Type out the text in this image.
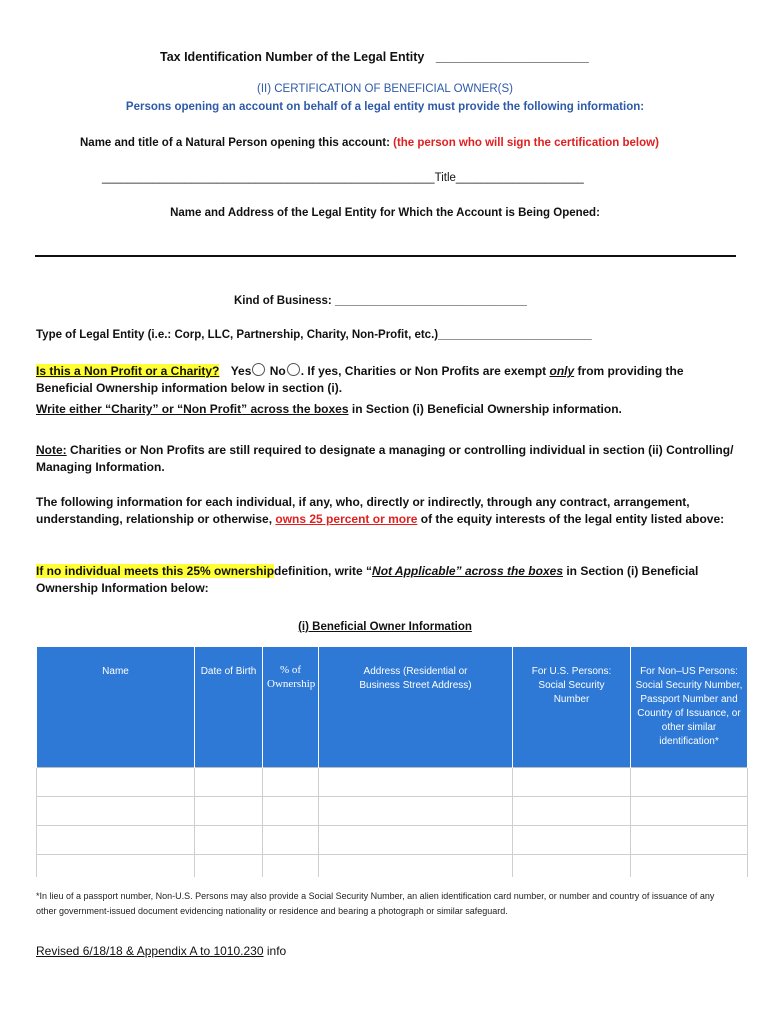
Tax Identification Number of the Legal Entity ______________________
(II) CERTIFICATION OF BENEFICIAL OWNER(S)
Persons opening an account on behalf of a legal entity must provide the following information:
Name and title of a Natural Person opening this account: (the person who will sign the certification below)
____________________________________________________Title____________________
Name and Address of the Legal Entity for Which the Account is Being Opened:
Kind of Business: ______________________________
Type of Legal Entity (i.e.: Corp, LLC, Partnership, Charity, Non-Profit, etc.)________________________
Is this a Non Profit or a Charity? Yes No . If yes, Charities or Non Profits are exempt only from providing the Beneficial Ownership information below in section (i).
Write either “Charity” or “Non Profit” across the boxes in Section (i) Beneficial Ownership information.
Note: Charities or Non Profits are still required to designate a managing or controlling individual in section (ii) Controlling/ Managing Information.
The following information for each individual, if any, who, directly or indirectly, through any contract, arrangement, understanding, relationship or otherwise, owns 25 percent or more of the equity interests of the legal entity listed above:
If no individual meets this 25% ownershipdefinition, write “Not Applicable” across the boxes in Section (i) Beneficial Ownership Information below:
(i) Beneficial Owner Information
Name	Date of Birth	% of Ownership	Address (Residential or Business Street Address)	For U.S. Persons: Social Security Number	For Non–US Persons: Social Security Number, Passport Number and Country of Issuance, or other similar identification*

*In lieu of a passport number, Non-U.S. Persons may also provide a Social Security Number, an alien identification card number, or number and country of issuance of any other government-issued document evidencing nationality or residence and bearing a photograph or similar safeguard.
Revised 6/18/18 & Appendix A to 1010.230 info
